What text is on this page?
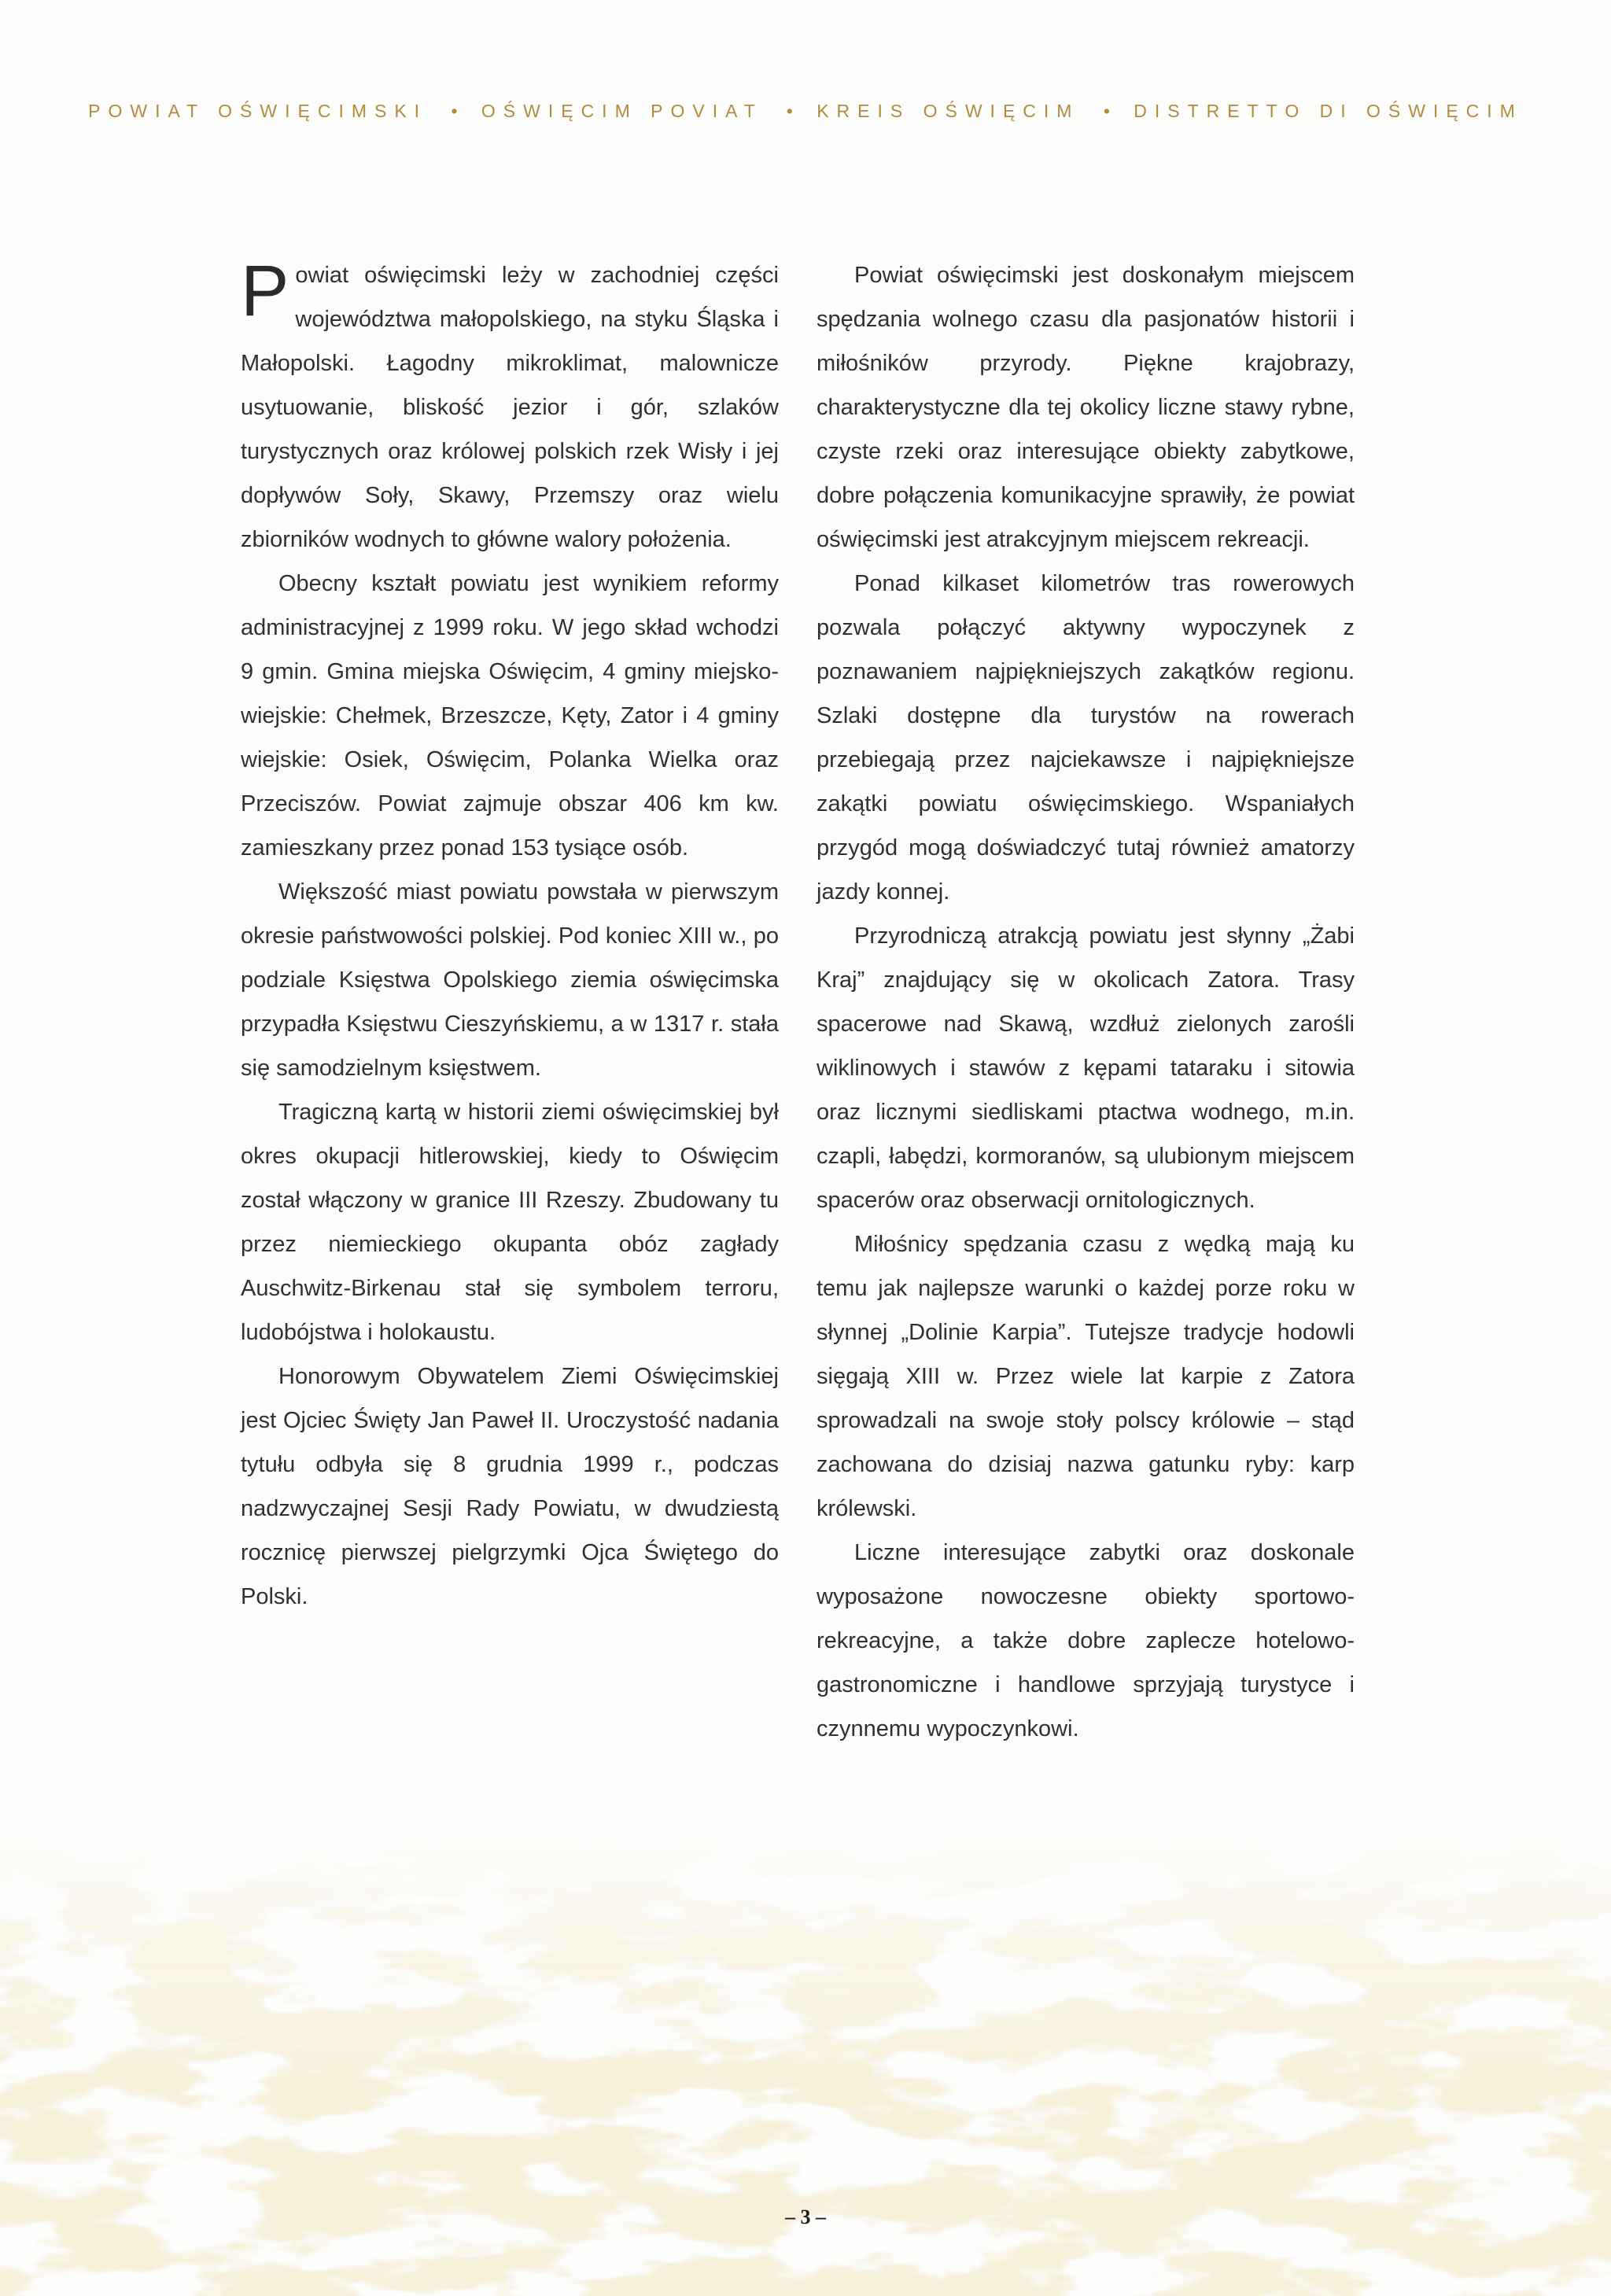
POWIAT OŚWIĘCIMSKI • OŚWIĘCIM POVIAT • KREIS OŚWIĘCIM • DISTRETTO DI OŚWIĘCIM

Powiat oświęcimski leży w zachodniej części województwa małopolskiego, na styku Śląska i Małopolski. Łagodny mikroklimat, malownicze usytuowanie, bliskość jezior i gór, szlaków turystycznych oraz królowej polskich rzek Wisły i jej dopływów Soły, Skawy, Przemszy oraz wielu zbiorników wodnych to główne walory położenia.

Obecny kształt powiatu jest wynikiem reformy administracyjnej z 1999 roku. W jego skład wchodzi 9 gmin. Gmina miejska Oświęcim, 4 gminy miejsko-wiejskie: Chełmek, Brzeszcze, Kęty, Zator i 4 gminy wiejskie: Osiek, Oświęcim, Polanka Wielka oraz Przeciszów. Powiat zajmuje obszar 406 km kw. zamieszkany przez ponad 153 tysiące osób.

Większość miast powiatu powstała w pierwszym okresie państwowości polskiej. Pod koniec XIII w., po podziale Księstwa Opolskiego ziemia oświęcimska przypadła Księstwu Cieszyńskiemu, a w 1317 r. stała się samodzielnym księstwem.

Tragiczną kartą w historii ziemi oświęcimskiej był okres okupacji hitlerowskiej, kiedy to Oświęcim został włączony w granice III Rzeszy. Zbudowany tu przez niemieckiego okupanta obóz zagłady Auschwitz-Birkenau stał się symbolem terroru, ludobójstwa i holokaustu.

Honorowym Obywatelem Ziemi Oświęcimskiej jest Ojciec Święty Jan Paweł II. Uroczystość nadania tytułu odbyła się 8 grudnia 1999 r., podczas nadzwyczajnej Sesji Rady Powiatu, w dwudziestą rocznicę pierwszej pielgrzymki Ojca Świętego do Polski.

Powiat oświęcimski jest doskonałym miejscem spędzania wolnego czasu dla pasjonatów historii i miłośników przyrody. Piękne krajobrazy, charakterystyczne dla tej okolicy liczne stawy rybne, czyste rzeki oraz interesujące obiekty zabytkowe, dobre połączenia komunikacyjne sprawiły, że powiat oświęcimski jest atrakcyjnym miejscem rekreacji.

Ponad kilkaset kilometrów tras rowerowych pozwala połączyć aktywny wypoczynek z poznawaniem najpiękniejszych zakątków regionu. Szlaki dostępne dla turystów na rowerach przebiegają przez najciekawsze i najpiękniejsze zakątki powiatu oświęcimskiego. Wspaniałych przygód mogą doświadczyć tutaj również amatorzy jazdy konnej.

Przyrodniczą atrakcją powiatu jest słynny „Żabi Kraj” znajdujący się w okolicach Zatora. Trasy spacerowe nad Skawą, wzdłuż zielonych zarośli wiklinowych i stawów z kępami tataraku i sitowia oraz licznymi siedliskami ptactwa wodnego, m.in. czapli, łabędzi, kormoranów, są ulubionym miejscem spacerów oraz obserwacji ornitologicznych.

Miłośnicy spędzania czasu z wędką mają ku temu jak najlepsze warunki o każdej porze roku w słynnej „Dolinie Karpia”. Tutejsze tradycje hodowli sięgają XIII w. Przez wiele lat karpie z Zatora sprowadzali na swoje stoły polscy królowie – stąd zachowana do dzisiaj nazwa gatunku ryby: karp królewski.

Liczne interesujące zabytki oraz doskonale wyposażone nowoczesne obiekty sportowo-rekreacyjne, a także dobre zaplecze hotelowo-gastronomiczne i handlowe sprzyjają turystyce i czynnemu wypoczynkowi.

– 3 –
